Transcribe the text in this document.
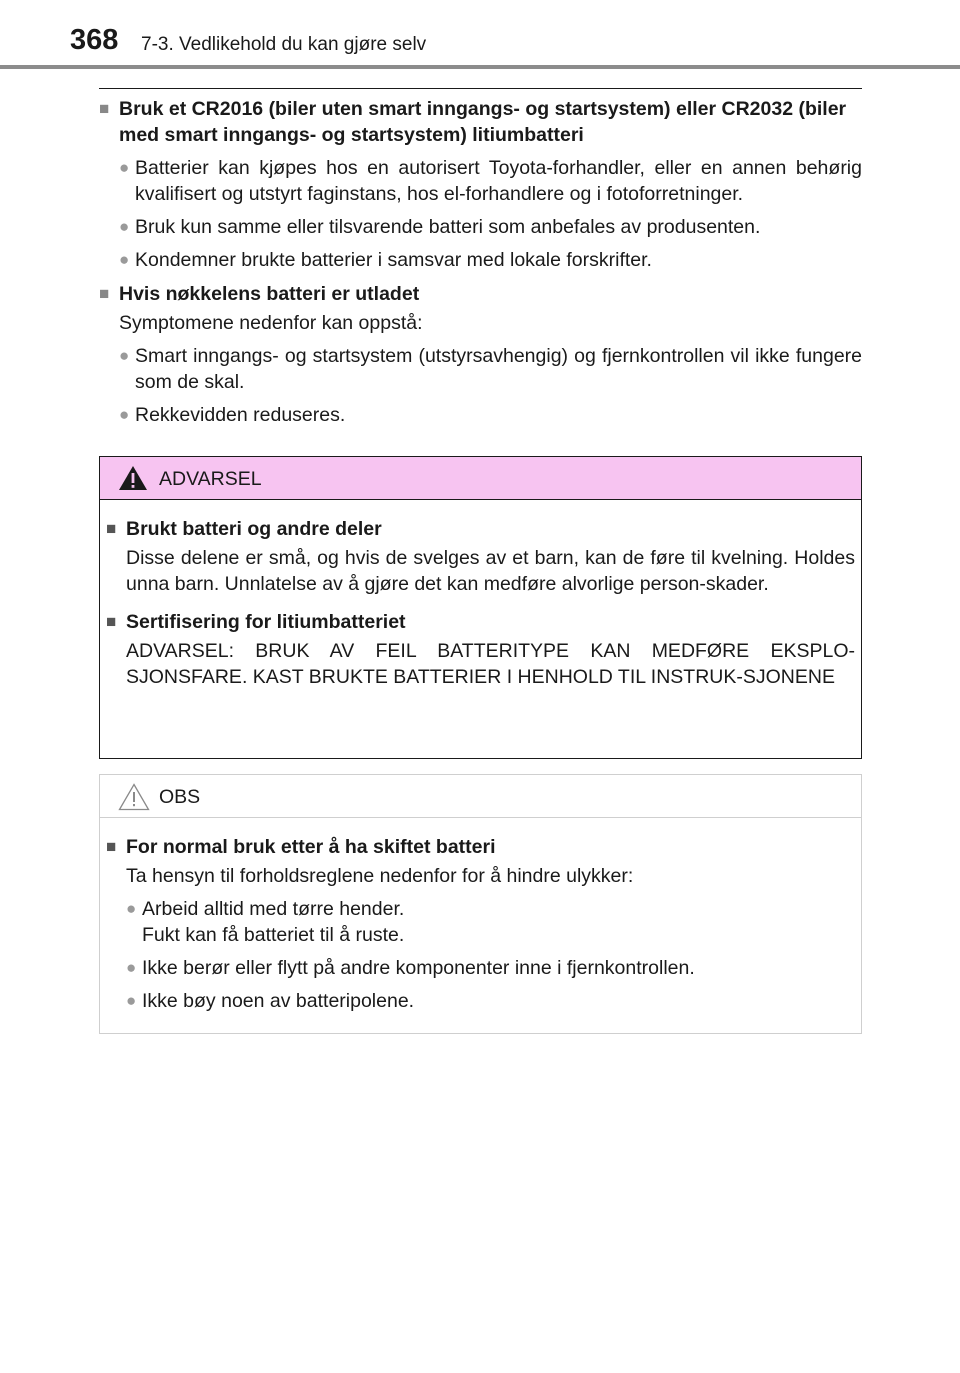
368 7-3. Vedlikehold du kan gjøre selv
■ Bruk et CR2016 (biler uten smart inngangs- og startsystem) eller CR2032 (biler med smart inngangs- og startsystem) litiumbatteri
● Batterier kan kjøpes hos en autorisert Toyota-forhandler, eller en annen behørig kvalifisert og utstyrt faginstans, hos el-forhandlere og i fotoforretninger.
● Bruk kun samme eller tilsvarende batteri som anbefales av produsenten.
● Kondemner brukte batterier i samsvar med lokale forskrifter.
■ Hvis nøkkelens batteri er utladet
Symptomene nedenfor kan oppstå:
● Smart inngangs- og startsystem (utstyrsavhengig) og fjernkontrollen vil ikke fungere som de skal.
● Rekkevidden reduseres.
ADVARSEL
■ Brukt batteri og andre deler
Disse delene er små, og hvis de svelges av et barn, kan de føre til kvelning. Holdes unna barn. Unnlatelse av å gjøre det kan medføre alvorlige person-skader.
■ Sertifisering for litiumbatteriet
ADVARSEL: BRUK AV FEIL BATTERITYPE KAN MEDFØRE EKSPLO-SJONSFARE. KAST BRUKTE BATTERIER I HENHOLD TIL INSTRUK-SJONENE
OBS
■ For normal bruk etter å ha skiftet batteri
Ta hensyn til forholdsreglene nedenfor for å hindre ulykker:
● Arbeid alltid med tørre hender.
Fukt kan få batteriet til å ruste.
● Ikke berør eller flytt på andre komponenter inne i fjernkontrollen.
● Ikke bøy noen av batteripolene.
